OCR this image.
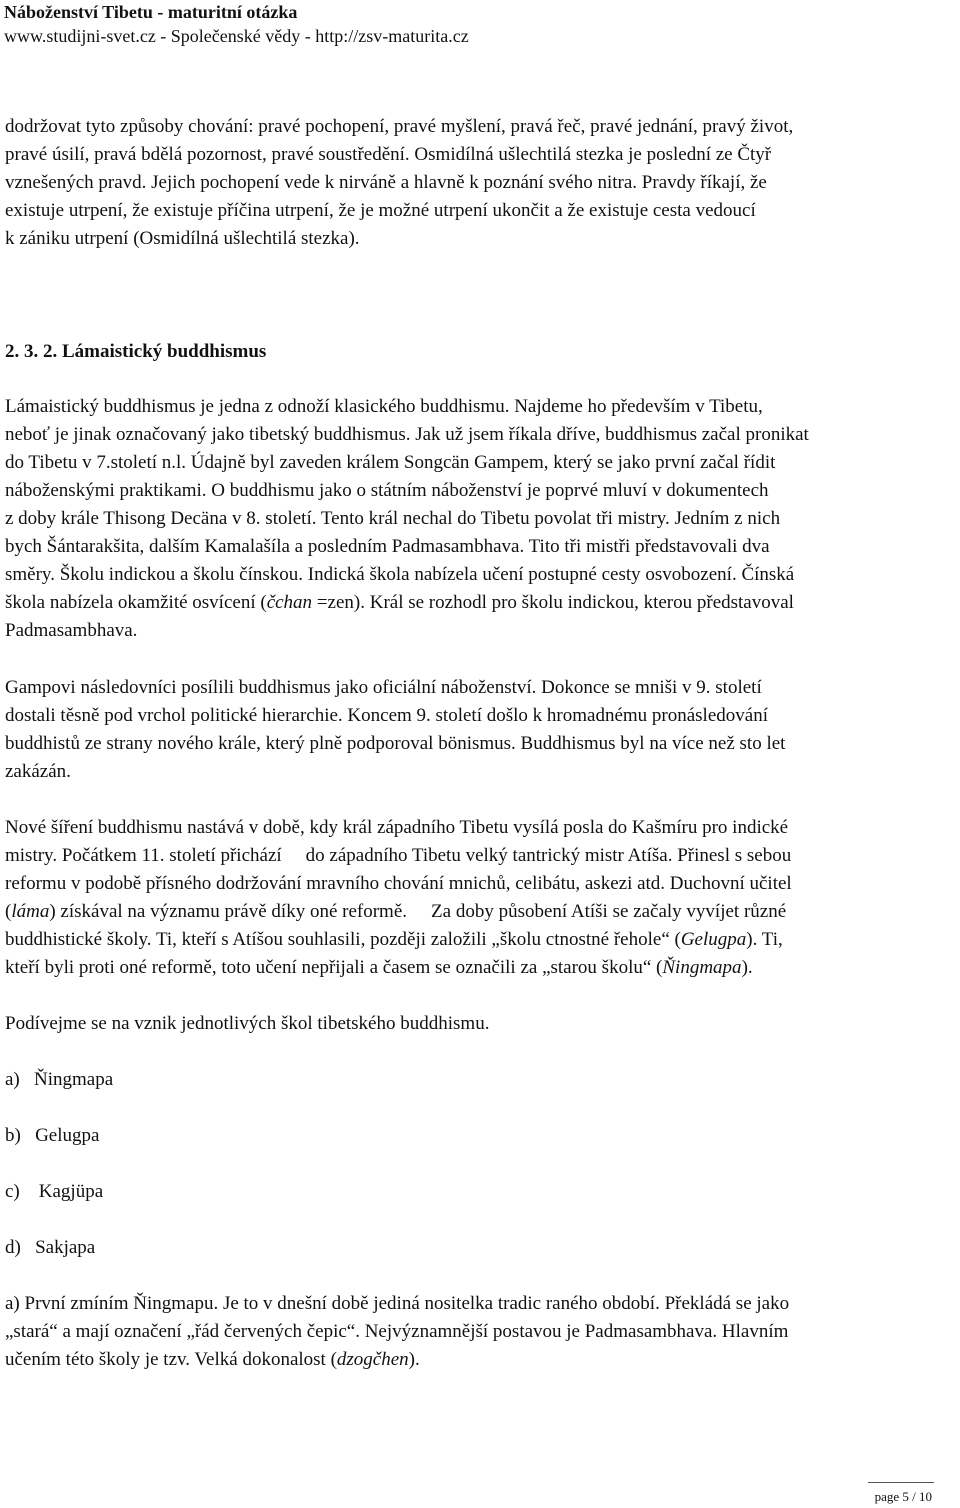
Náboženství Tibetu - maturitní otázka
www.studijni-svet.cz - Společenské vědy - http://zsv-maturita.cz
dodržovat tyto způsoby chování: pravé pochopení, pravé myšlení, pravá řeč, pravé jednání, pravý život,
pravé úsilí, pravá bdělá pozornost, pravé soustředění. Osmidílná ušlechtilá stezka je poslední ze Čtyř
vznešených pravd. Jejich pochopení vede k nirváně a hlavně k poznání svého nitra. Pravdy říkají, že
existuje utrpení, že existuje příčina utrpení, že je možné utrpení ukončit a že existuje cesta vedoucí
k zániku utrpení (Osmidílná ušlechtilá stezka).
2. 3. 2. Lámaistický buddhismus
Lámaistický buddhismus je jedna z odnoží klasického buddhismu. Najdeme ho především v Tibetu,
neboť je jinak označovaný jako tibetský buddhismus. Jak už jsem říkala dříve, buddhismus začal pronikat
do Tibetu v 7.století n.l. Údajně byl zaveden králem Songcän Gampem, který se jako první začal řídit
náboženskými praktikami. O buddhismu jako o státním náboženství je poprvé mluví v dokumentech
z doby krále Thisong Decäna v 8. století. Tento král nechal do Tibetu povolat tři mistry. Jedním z nich
bych Šántarakšita, dalším Kamalašíla a posledním Padmasambhava. Tito tři mistři představovali dva
směry. Školu indickou a školu čínskou. Indická škola nabízela učení postupné cesty osvobození. Čínská
škola nabízela okamžité osvícení (čchan =zen). Král se rozhodl pro školu indickou, kterou představoval
Padmasambhava.
Gampovi následovníci posílili buddhismus jako oficiální náboženství. Dokonce se mniši v 9. století
dostali těsně pod vrchol politické hierarchie. Koncem 9. století došlo k hromadnému pronásledování
buddhistů ze strany nového krále, který plně podporoval bönismus. Buddhismus byl na více než sto let
zakázán.
Nové šíření buddhismu nastává v době, kdy král západního Tibetu vysílá posla do Kašmíru pro indické
mistry. Počátkem 11. století přichází do západního Tibetu velký tantrický mistr Atíša. Přinesl s sebou
reformu v podobě přísného dodržování mravního chování mnichů, celibátu, askezi atd. Duchovní učitel
(láma) získával na významu právě díky oné reformě. Za doby působení Atíši se začaly vyvíjet různé
buddhistické školy. Ti, kteří s Atíšou souhlasili, později založili „školu ctnostné řehole“ (Gelugpa). Ti,
kteří byli proti oné reformě, toto učení nepřijali a časem se označili za „starou školu“ (Ňingmapa).
Podívejme se na vznik jednotlivých škol tibetského buddhismu.
a) Ňingmapa
b) Gelugpa
c)    Kagjüpa
d) Sakjapa
a) První zmíním Ňingmapu. Je to v dnešní době jediná nositelka tradic raného období. Překládá se jako
„stará“ a mají označení „řád červených čepic“. Nejvýznamnější postavou je Padmasambhava. Hlavním
učením této školy je tzv. Velká dokonalost (dzogčhen).
page 5 / 10
